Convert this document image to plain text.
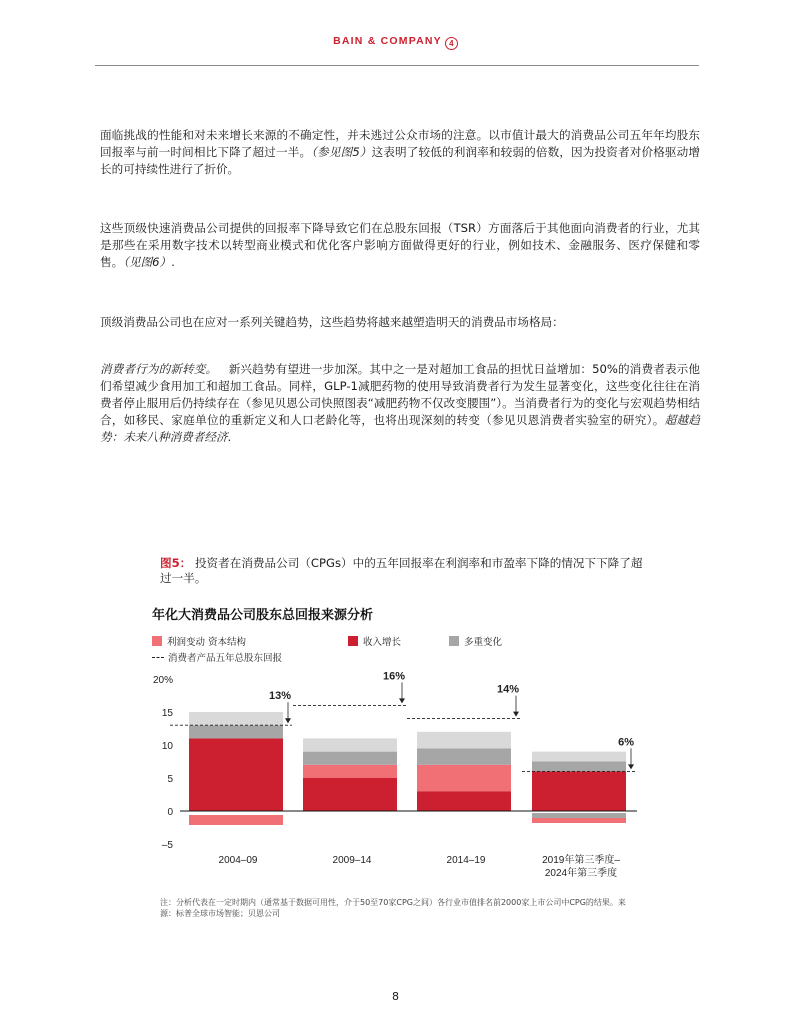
BAIN & COMPANY 4

面临挑战的性能和对未来增长来源的不确定性，并未逃过公众市场的注意。以市值计最大的消费品公司五年年均股东回报率与前一时间相比下降了超过一半。（参见图5）这表明了较低的利润率和较弱的倍数，因为投资者对价格驱动增长的可持续性进行了折价。

这些顶级快速消费品公司提供的回报率下降导致它们在总股东回报（TSR）方面落后于其他面向消费者的行业，尤其是那些在采用数字技术以转型商业模式和优化客户影响方面做得更好的行业，例如技术、金融服务、医疗保健和零售。（见图6）.

顶级消费品公司也在应对一系列关键趋势，这些趋势将越来越塑造明天的消费品市场格局：

消费者行为的新转变。 新兴趋势有望进一步加深。其中之一是对超加工食品的担忧日益增加：50%的消费者表示他们希望减少食用加工和超加工食品。同样，GLP-1减肥药物的使用导致消费者行为发生显著变化，这些变化往往在消费者停止服用后仍持续存在（参见贝恩公司快照图表“减肥药物不仅改变腰围”）。当消费者行为的变化与宏观趋势相结合，如移民、家庭单位的重新定义和人口老龄化等，也将出现深刻的转变（参见贝恩消费者实验室的研究）。超越趋势：未来八种消费者经济.

图5： 投资者在消费品公司（CPGs）中的五年回报率在利润率和市盈率下降的情况下下降了超过一半。

年化大消费品公司股东总回报来源分析
利润变动 资本结构	收入增长	多重变化
消费者产品五年总股东回报
20%
15
10
5
0
–5
13%
2004–09
16%
2009–14
14%
2014–19
6%
2019年第三季度–
2024年第三季度

注：分析代表在一定时期内（通常基于数据可用性，介于50至70家CPG之间）各行业市值排名前2000家上市公司中CPG的结果。来源：标普全球市场智能；贝恩公司

8
